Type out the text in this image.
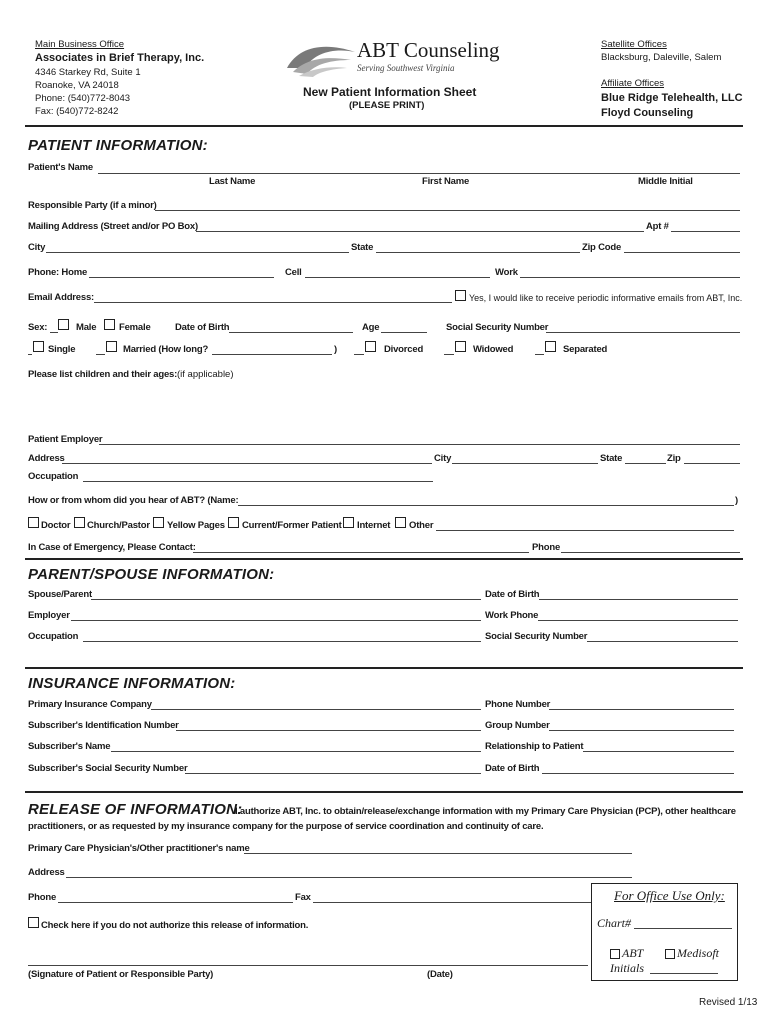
Main Business Office
Associates in Brief Therapy, Inc.
4346 Starkey Rd, Suite 1
Roanoke, VA 24018
Phone: (540)772-8043
Fax: (540)772-8242
ABT Counseling
Serving Southwest Virginia
New Patient Information Sheet
(PLEASE PRINT)
Satellite Offices
Blacksburg, Daleville, Salem
Affiliate Offices
Blue Ridge Telehealth, LLC
Floyd Counseling
PATIENT INFORMATION:
Patient's Name
Last Name	First Name	Middle Initial
Responsible Party (if a minor)
Mailing Address (Street and/or PO Box)	Apt #
City	State	Zip Code
Phone: Home	Cell	Work
Email Address:	Yes, I would like to receive periodic informative emails from ABT, Inc.
Sex:	Male Female	Date of Birth	Age	Social Security Number
Single	Married (How long?	)	Divorced	Widowed	Separated
Please list children and their ages: (if applicable)
Patient Employer
Address	City	State	Zip
Occupation
How or from whom did you hear of ABT? (Name:	)
Doctor Church/Pastor Yellow Pages Current/Former Patient Internet Other
In Case of Emergency, Please Contact:	Phone
PARENT/SPOUSE INFORMATION:
Spouse/Parent	Date of Birth
Employer	Work Phone
Occupation	Social Security Number
INSURANCE INFORMATION:
Primary Insurance Company	Phone Number
Subscriber's Identification Number	Group Number
Subscriber's Name	Relationship to Patient
Subscriber's Social Security Number	Date of Birth
RELEASE OF INFORMATION:
I authorize ABT, Inc. to obtain/release/exchange information with my Primary Care Physician (PCP), other healthcare
practitioners, or as requested by my insurance company for the purpose of service coordination and continuity of care.
Primary Care Physician's/Other practitioner's name
Address
Phone	Fax
Check here if you do not authorize this release of information.
(Signature of Patient or Responsible Party)	(Date)
For Office Use Only:
Chart#
ABT	Medisoft
Initials
Revised 1/13
